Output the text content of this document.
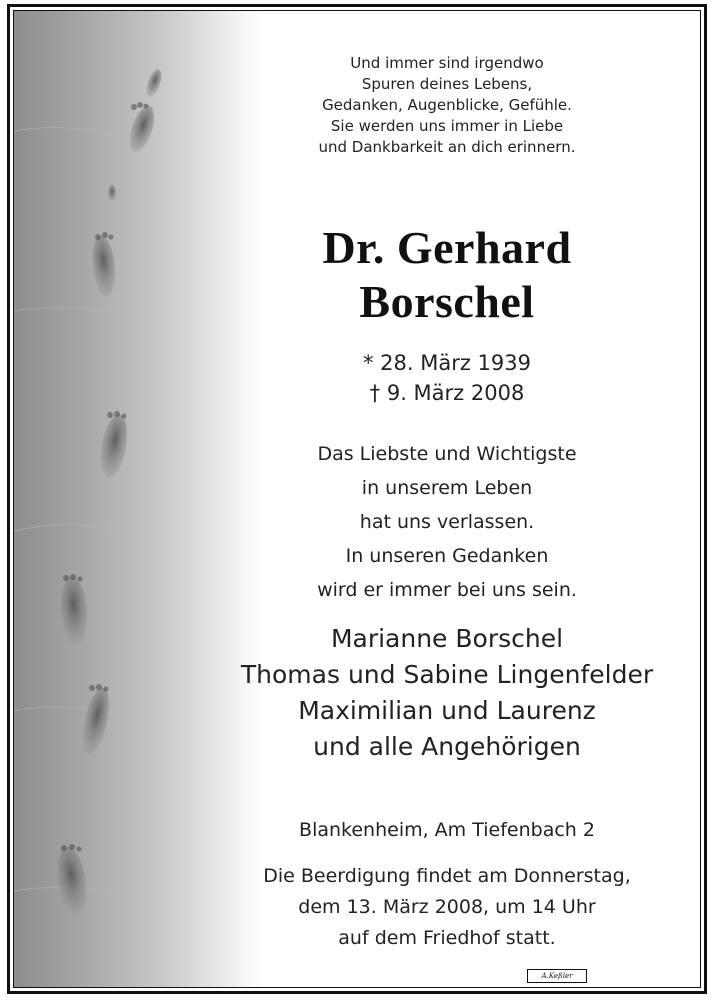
Und immer sind irgendwo
Spuren deines Lebens,
Gedanken, Augenblicke, Gefühle.
Sie werden uns immer in Liebe
und Dankbarkeit an dich erinnern.

Dr. Gerhard
Borschel

* 28. März 1939
† 9. März 2008

Das Liebste und Wichtigste
in unserem Leben
hat uns verlassen.
In unseren Gedanken
wird er immer bei uns sein.

Marianne Borschel
Thomas und Sabine Lingenfelder
Maximilian und Laurenz
und alle Angehörigen

Blankenheim, Am Tiefenbach 2

Die Beerdigung findet am Donnerstag,
dem 13. März 2008, um 14 Uhr
auf dem Friedhof statt.

A.Keßler
